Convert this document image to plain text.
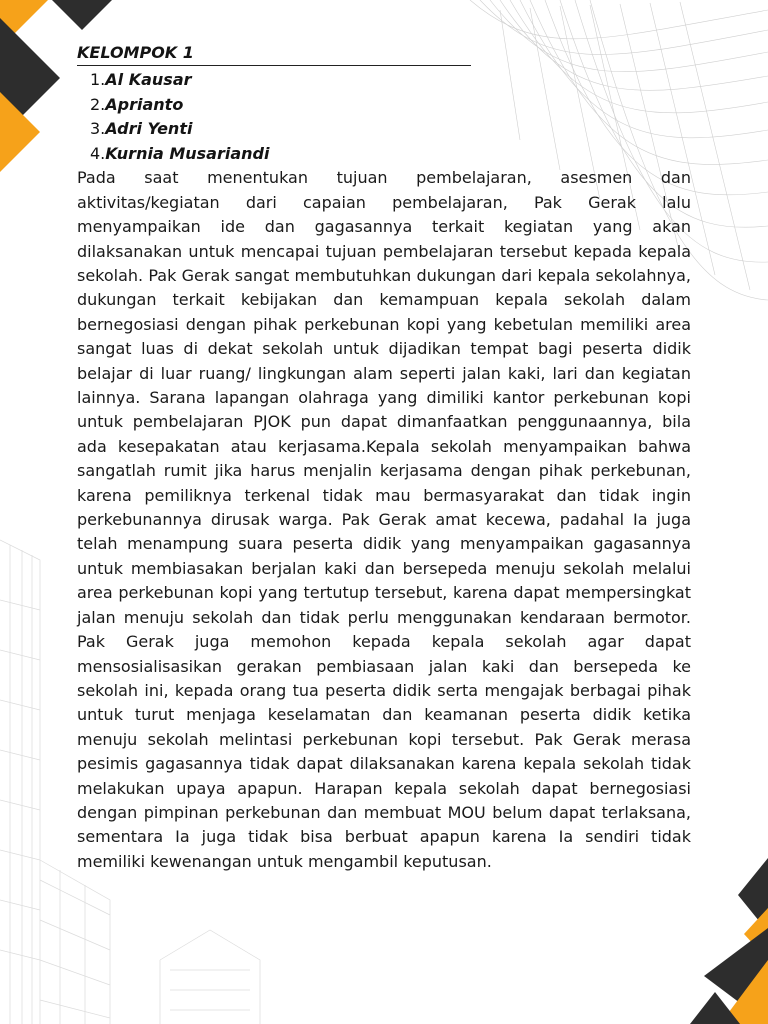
KELOMPOK 1
1.Al Kausar
2.Aprianto
3.Adri Yenti
4.Kurnia Musariandi

Pada saat menentukan tujuan pembelajaran, asesmen dan aktivitas/kegiatan dari capaian pembelajaran, Pak Gerak lalu menyampaikan ide dan gagasannya terkait kegiatan yang akan dilaksanakan untuk mencapai tujuan pembelajaran tersebut kepada kepala sekolah. Pak Gerak sangat membutuhkan dukungan dari kepala sekolahnya, dukungan terkait kebijakan dan kemampuan kepala sekolah dalam bernegosiasi dengan pihak perkebunan kopi yang kebetulan memiliki area sangat luas di dekat sekolah untuk dijadikan tempat bagi peserta didik belajar di luar ruang/ lingkungan alam seperti jalan kaki, lari dan kegiatan lainnya. Sarana lapangan olahraga yang dimiliki kantor perkebunan kopi untuk pembelajaran PJOK pun dapat dimanfaatkan penggunaannya, bila ada kesepakatan atau kerjasama.Kepala sekolah menyampaikan bahwa sangatlah rumit jika harus menjalin kerjasama dengan pihak perkebunan, karena pemiliknya terkenal tidak mau bermasyarakat dan tidak ingin perkebunannya dirusak warga. Pak Gerak amat kecewa, padahal Ia juga telah menampung suara peserta didik yang menyampaikan gagasannya untuk membiasakan berjalan kaki dan bersepeda menuju sekolah melalui area perkebunan kopi yang tertutup tersebut, karena dapat mempersingkat jalan menuju sekolah dan tidak perlu menggunakan kendaraan bermotor. Pak Gerak juga memohon kepada kepala sekolah agar dapat mensosialisasikan gerakan pembiasaan jalan kaki dan bersepeda ke sekolah ini, kepada orang tua peserta didik serta mengajak berbagai pihak untuk turut menjaga keselamatan dan keamanan peserta didik ketika menuju sekolah melintasi perkebunan kopi tersebut. Pak Gerak merasa pesimis gagasannya tidak dapat dilaksanakan karena kepala sekolah tidak melakukan upaya apapun. Harapan kepala sekolah dapat bernegosiasi dengan pimpinan perkebunan dan membuat MOU belum dapat terlaksana, sementara Ia juga tidak bisa berbuat apapun karena Ia sendiri tidak memiliki kewenangan untuk mengambil keputusan.
